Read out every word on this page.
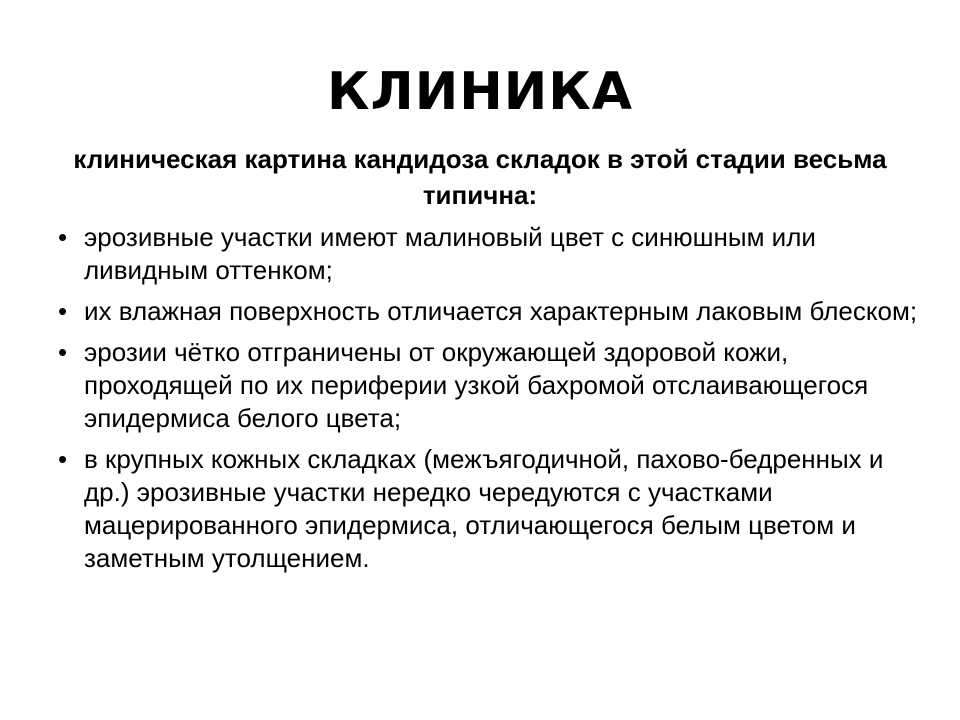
КЛИНИКА
клиническая картина кандидоза складок в этой стадии весьма типична:
• эрозивные участки имеют малиновый цвет с синюшным или ливидным оттенком;
• их влажная поверхность отличается характерным лаковым блеском;
• эрозии чётко отграничены от окружающей здоровой кожи, проходящей по их периферии узкой бахромой отслаивающегося эпидермиса белого цвета;
• в крупных кожных складках (межъягодичной, пахово-бедренных и др.) эрозивные участки нередко чередуются с участками мацерированного эпидермиса, отличающегося белым цветом и заметным утолщением.
